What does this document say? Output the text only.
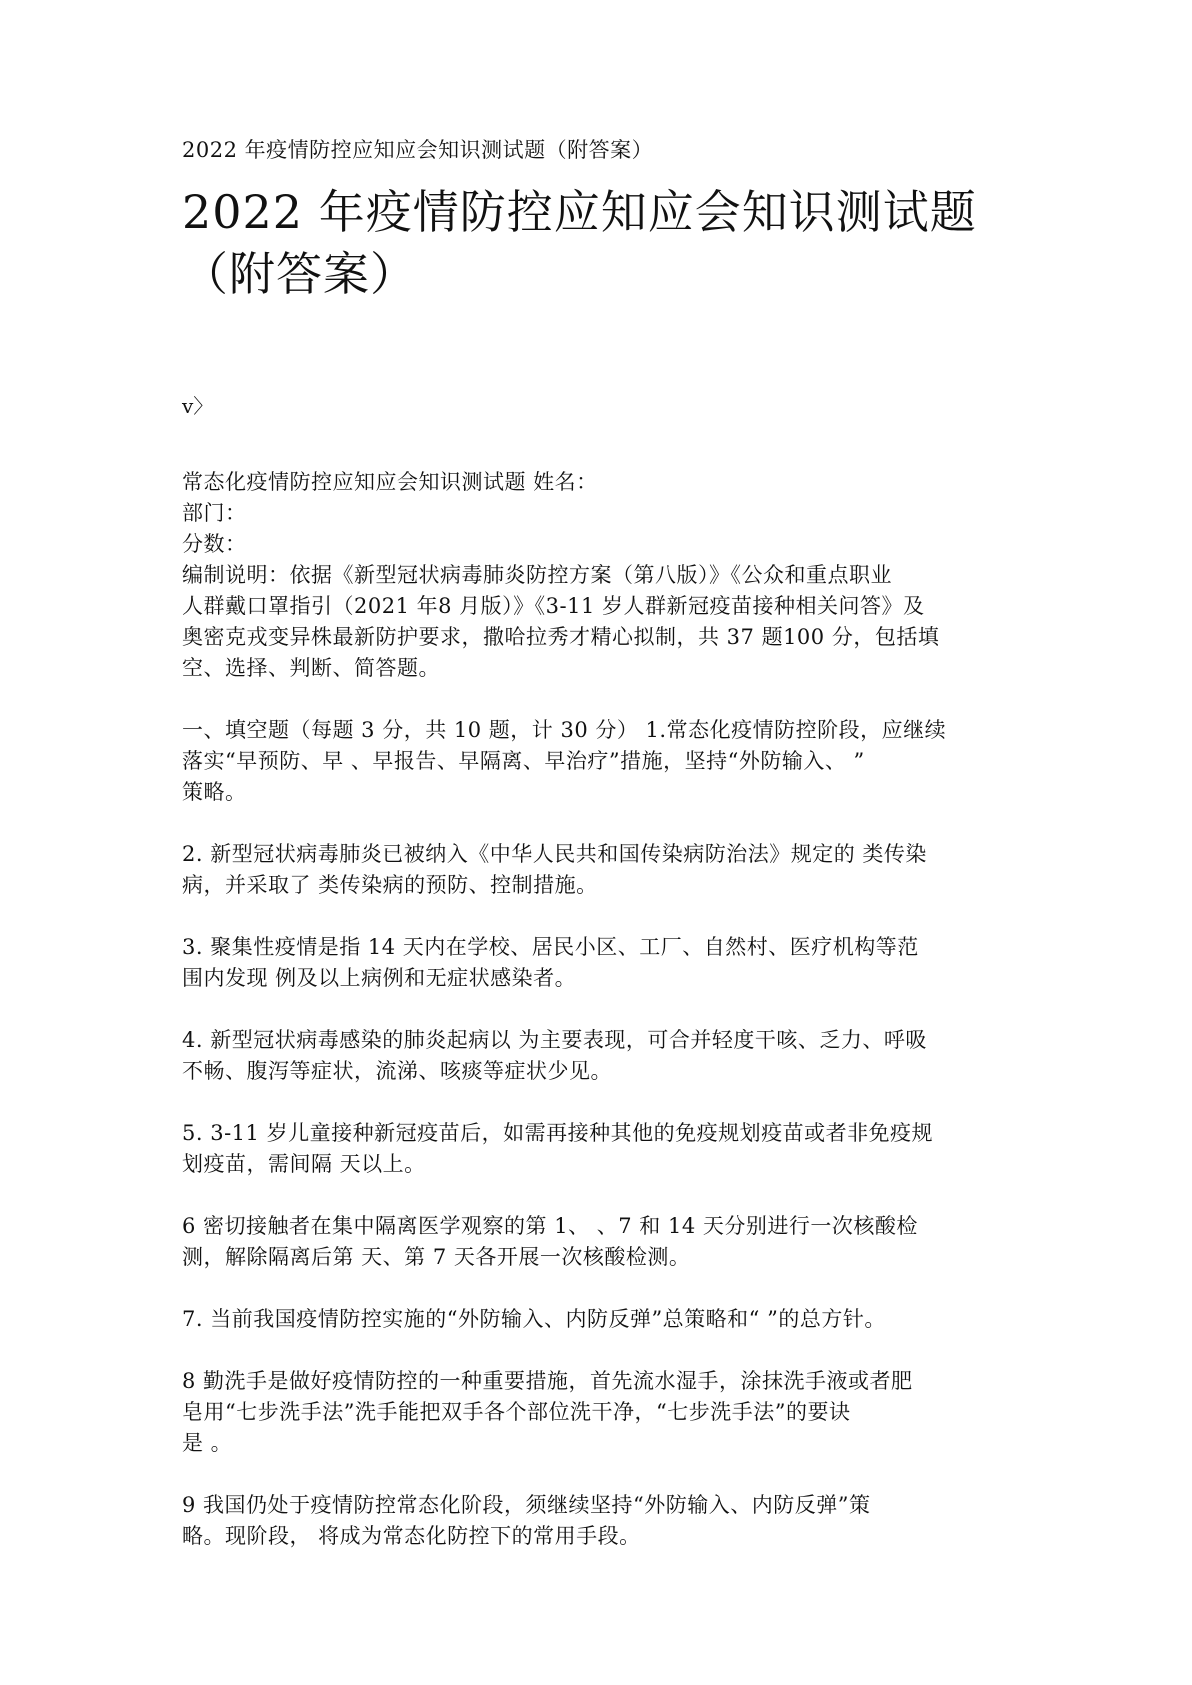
2022 年疫情防控应知应会知识测试题（附答案）

2022 年疫情防控应知应会知识测试题
（附答案）

v〉

常态化疫情防控应知应会知识测试题 姓名：

部门：

分数：

编制说明：依据《新型冠状病毒肺炎防控方案（第八版）》《公众和重点职业

人群戴口罩指引（2021 年8 月版）》《3-11 岁人群新冠疫苗接种相关问答》及

奥密克戎变异株最新防护要求，撒哈拉秀才精心拟制，共 37 题100 分，包括填

空、选择、判断、简答题。

一、填空题（每题 3 分，共 10 题，计 30 分） 1.常态化疫情防控阶段，应继续

落实“早预防、早 、早报告、早隔离、早治疗”措施，坚持“外防输入、 ”

策略。

2. 新型冠状病毒肺炎已被纳入《中华人民共和国传染病防治法》规定的 类传染

病，并采取了 类传染病的预防、控制措施。

3. 聚集性疫情是指 14 天内在学校、居民小区、工厂、自然村、医疗机构等范

围内发现 例及以上病例和无症状感染者。

4. 新型冠状病毒感染的肺炎起病以 为主要表现，可合并轻度干咳、乏力、呼吸

不畅、腹泻等症状，流涕、咳痰等症状少见。

5. 3-11 岁儿童接种新冠疫苗后，如需再接种其他的免疫规划疫苗或者非免疫规

划疫苗，需间隔 天以上。

6 密切接触者在集中隔离医学观察的第 1、 、7 和 14 天分别进行一次核酸检

测，解除隔离后第 天、第 7 天各开展一次核酸检测。

7. 当前我国疫情防控实施的“外防输入、内防反弹”总策略和“ ”的总方针。

8 勤洗手是做好疫情防控的一种重要措施，首先流水湿手，涂抹洗手液或者肥

皂用“七步洗手法”洗手能把双手各个部位洗干净，“七步洗手法”的要诀

是 。

9 我国仍处于疫情防控常态化阶段，须继续坚持“外防输入、内防反弹”策

略。现阶段， 将成为常态化防控下的常用手段。
